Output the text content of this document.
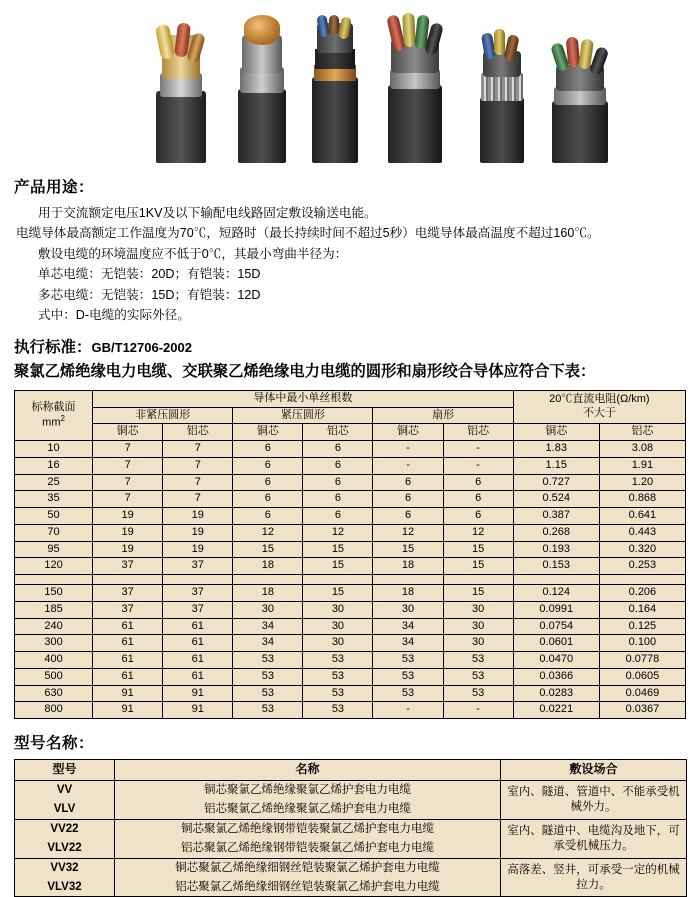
产品用途：

用于交流额定电压1KV及以下输配电线路固定敷设输送电能。

电缆导体最高额定工作温度为70℃，短路时（最长持续时间不超过5秒）电缆导体最高温度不超过160℃。

敷设电缆的环境温度应不低于0℃，其最小弯曲半径为：

单芯电缆：无铠装：20D；有铠装：15D

多芯电缆：无铠装：15D；有铠装：12D

式中：D-电缆的实际外径。

执行标准：GB/T12706-2002
聚氯乙烯绝缘电力电缆、交联聚乙烯绝缘电力电缆的圆形和扇形绞合导体应符合下表：
标称截面
$mm^2$
	导体中最小单丝根数	20℃直流电阻(Ω/km)
不大于

	非紧压圆形		紧压圆形		扇形			
	铜芯	铝芯	铜芯	铝芯	铜芯	铝芯	铜芯	铝芯
10	7	7	6	6	-	-	1.83	3.08
16	7	7	6	6	-	-	1.15	1.91
25	7	7	6	6	6	6	0.727	1.20
35	7	7	6	6	6	6	0.524	0.868
50	19	19	6	6	6	6	0.387	0.641
70	19	19	12	12	12	12	0.268	0.443
95	19	19	15	15	15	15	0.193	0.320
120	37	37	18	15	18	15	0.153	0.253

150	37	37	18	15	18	15	0.124	0.206
185	37	37	30	30	30	30	0.0991	0.164
240	61	61	34	30	34	30	0.0754	0.125
300	61	61	34	30	34	30	0.0601	0.100
400	61	61	53	53	53	53	0.0470	0.0778
500	61	61	53	53	53	53	0.0366	0.0605
630	91	91	53	53	53	53	0.0283	0.0469
800	91	91	53	53	-	-	0.0221	0.0367
型号名称：
型号	名称	敷设场合
VV	铜芯聚氯乙烯绝缘聚氯乙烯护套电力电缆	室内、隧道、管道中、不能承受机械外力。
VLV	铝芯聚氯乙烯绝缘聚氯乙烯护套电力电缆	
VV22	铜芯聚氯乙烯绝缘钢带铠装聚氯乙烯护套电力电缆	室内、隧道中、电缆沟及地下，可承受机械压力。
VLV22	铝芯聚氯乙烯绝缘钢带铠装聚氯乙烯护套电力电缆	
VV32	铜芯聚氯乙烯绝缘细钢丝铠装聚氯乙烯护套电力电缆	高落差、竖井，可承受一定的机械拉力。
VLV32	铝芯聚氯乙烯绝缘细钢丝铠装聚氯乙烯护套电力电缆	
